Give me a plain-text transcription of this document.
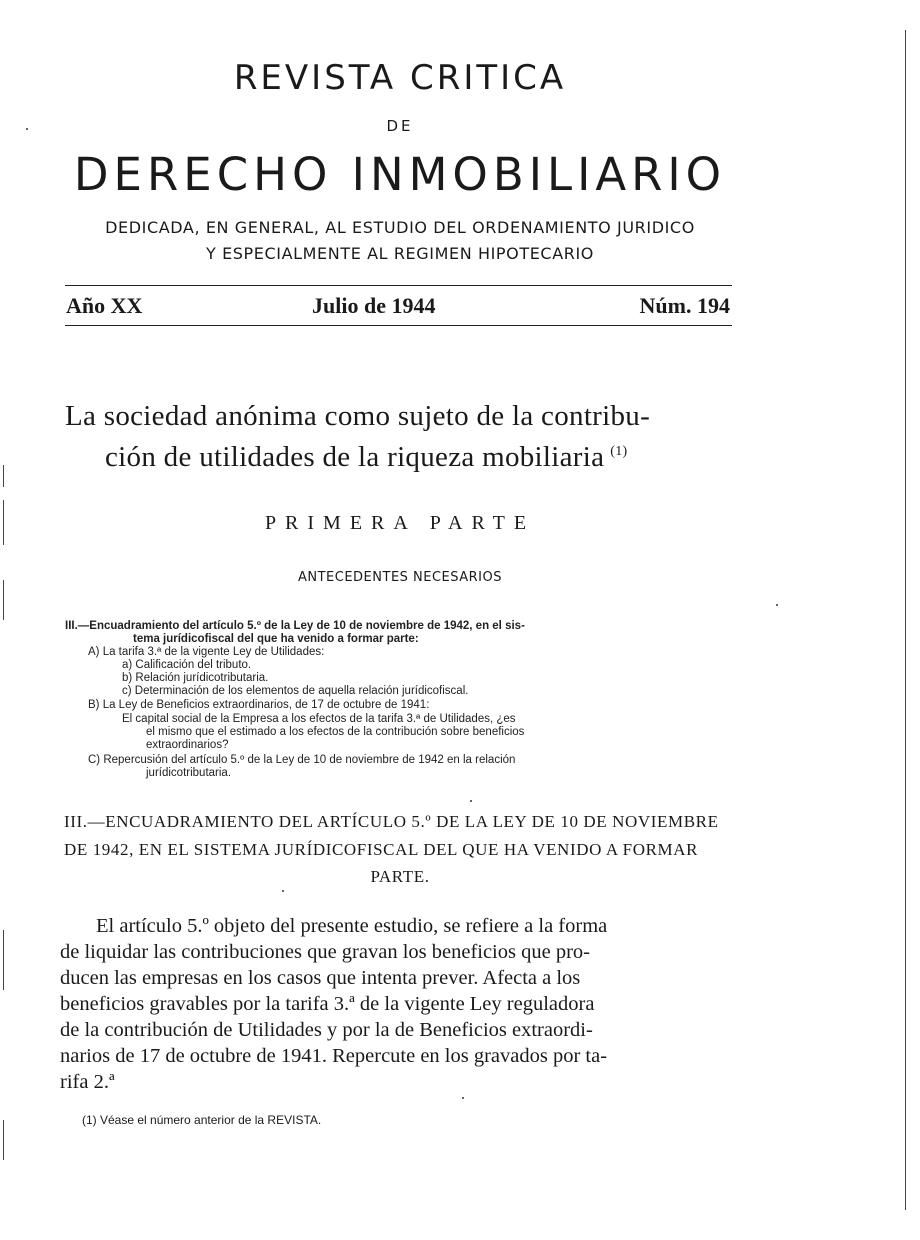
REVISTA CRITICA
DE
DERECHO INMOBILIARIO
DEDICADA, EN GENERAL, AL ESTUDIO DEL ORDENAMIENTO JURIDICO
Y ESPECIALMENTE AL REGIMEN HIPOTECARIO
Año XX	Julio de 1944	Núm. 194
La sociedad anónima como sujeto de la contribu-
ción de utilidades de la riqueza mobiliaria $^{(1)}$
PRIMERA PARTE
ANTECEDENTES NECESARIOS
III.—Encuadramiento del artículo 5.º de la Ley de 10 de noviembre de 1942, en el sis-
tema jurídicofiscal del que ha venido a formar parte:
A) La tarifa 3.ª de la vigente Ley de Utilidades:
a) Calificación del tributo.
b) Relación jurídicotributaria.
c) Determinación de los elementos de aquella relación jurídicofiscal.
B) La Ley de Beneficios extraordinarios, de 17 de octubre de 1941:
El capital social de la Empresa a los efectos de la tarifa 3.ª de Utilidades, ¿es
el mismo que el estimado a los efectos de la contribución sobre beneficios
extraordinarios?
C) Repercusión del artículo 5.º de la Ley de 10 de noviembre de 1942 en la relación
jurídicotributaria.
III.—ENCUADRAMIENTO DEL ARTÍCULO 5.º DE LA LEY DE 10 DE NOVIEMBRE
DE 1942, EN EL SISTEMA JURÍDICOFISCAL DEL QUE HA VENIDO A FORMAR
PARTE.
El artículo 5.º objeto del presente estudio, se refiere a la forma
de liquidar las contribuciones que gravan los beneficios que pro-
ducen las empresas en los casos que intenta prever. Afecta a los
beneficios gravables por la tarifa 3.ª de la vigente Ley reguladora
de la contribución de Utilidades y por la de Beneficios extraordi-
narios de 17 de octubre de 1941. Repercute en los gravados por ta-
rifa 2.ª
(1) Véase el número anterior de la REVISTA.
